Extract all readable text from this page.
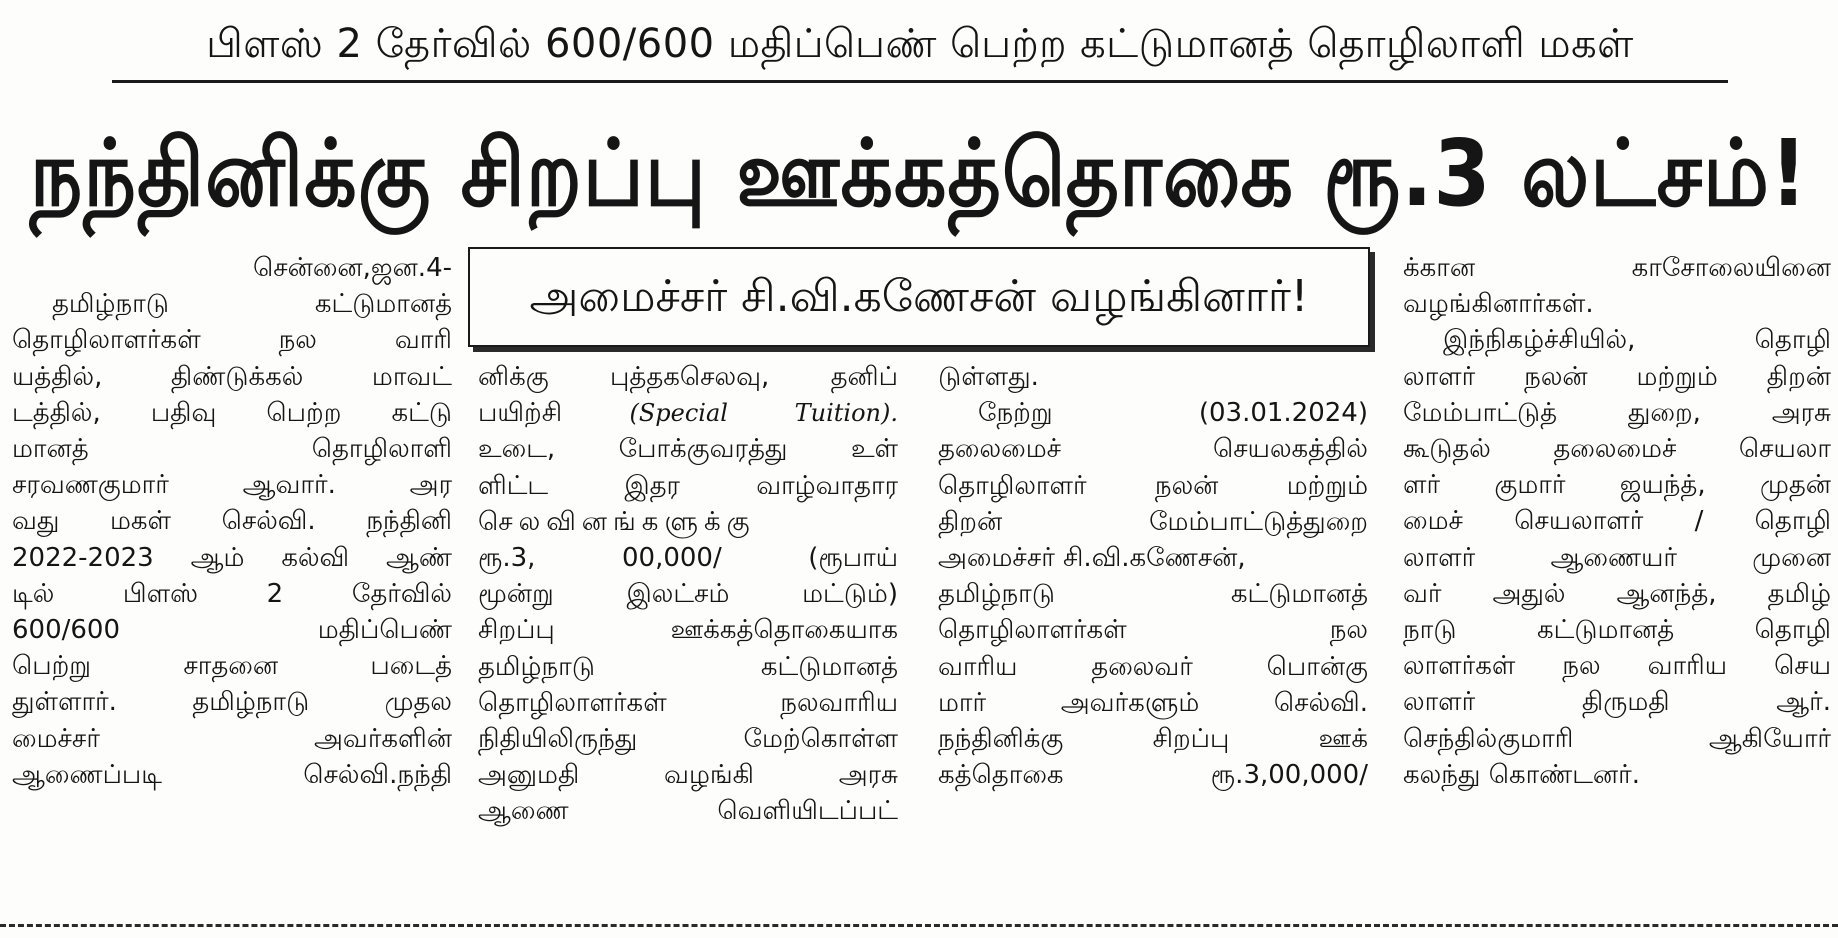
பிளஸ் 2 தேர்வில் 600/600 மதிப்பெண் பெற்ற கட்டுமானத் தொழிலாளி மகள்
நந்தினிக்கு சிறப்பு ஊக்கத்தொகை ரூ.3 லட்சம்!
அமைச்சர் சி.வி.கணேசன் வழங்கினார்!
சென்னை,ஜன.4-
தமிழ்நாடு கட்டுமானத்
தொழிலாளர்கள் நல வாரி
யத்தில், திண்டுக்கல் மாவட்
டத்தில், பதிவு பெற்ற கட்டு
மானத் தொழிலாளி
சரவணகுமார் ஆவார். அர
வது மகள் செல்வி. நந்தினி
2022-2023 ஆம் கல்வி ஆண்
டில் பிளஸ் 2 தேர்வில்
600/600 மதிப்பெண்
பெற்று சாதனை படைத்
துள்ளார். தமிழ்நாடு முதல
மைச்சர் அவர்களின்
ஆணைப்படி செல்வி.நந்தி
னிக்கு புத்தகசெலவு, தனிப்
பயிற்சி	(Special Tuition).
உடை, போக்குவரத்து உள்
ளிட்ட இதர வாழ்வாதார
செலவினங்களுக்கு
ரூ.3, 00,000/ (ரூபாய்
மூன்று இலட்சம் மட்டும்)
சிறப்பு ஊக்கத்தொகையாக
தமிழ்நாடு கட்டுமானத்
தொழிலாளர்கள் நலவாரிய
நிதியிலிருந்து மேற்கொள்ள
அனுமதி வழங்கி அரசு
ஆணை வெளியிடப்பட்
டுள்ளது.
நேற்று (03.01.2024)
தலைமைச் செயலகத்தில்
தொழிலாளர் நலன் மற்றும்
திறன் மேம்பாட்டுத்துறை
அமைச்சர் சி.வி.கணேசன்,
தமிழ்நாடு கட்டுமானத்
தொழிலாளர்கள் நல
வாரிய தலைவர் பொன்கு
மார் அவர்களும் செல்வி.
நந்தினிக்கு சிறப்பு ஊக்
கத்தொகை ரூ.3,00,000/
க்கான காசோலையினை
வழங்கினார்கள்.
இந்நிகழ்ச்சியில், தொழி
லாளர் நலன் மற்றும் திறன்
மேம்பாட்டுத் துறை, அரசு
கூடுதல் தலைமைச் செயலா
ளர் குமார் ஜயந்த், முதன்
மைச் செயலாளர் / தொழி
லாளர் ஆணையர் முனை
வர் அதுல் ஆனந்த், தமிழ்
நாடு கட்டுமானத் தொழி
லாளர்கள் நல வாரிய செய
லாளர் திருமதி ஆர்.
செந்தில்குமாரி ஆகியோர்
கலந்து கொண்டனர்.
